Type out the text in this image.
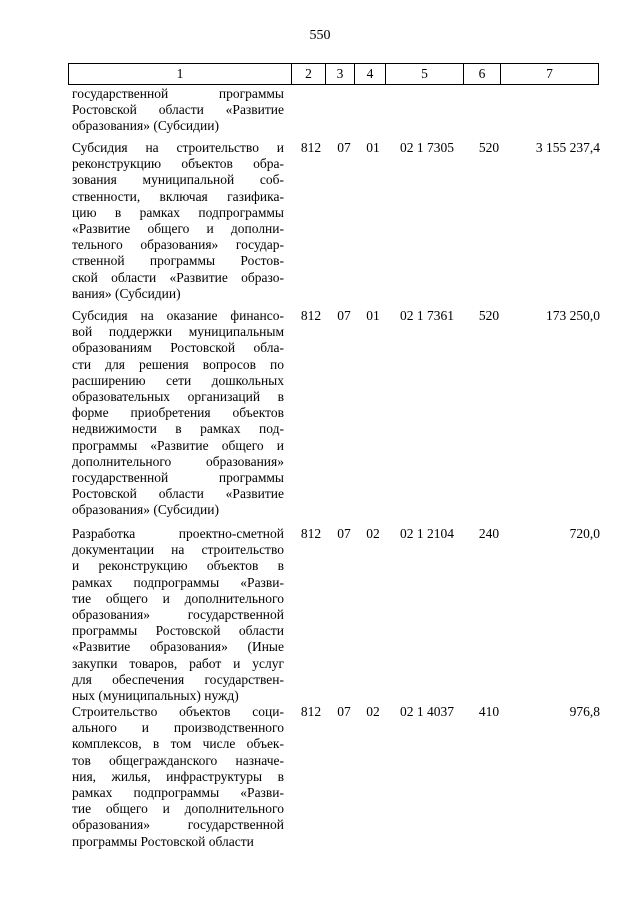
550
1	2	3	4	5	6	7
государственной программы
Ростовской области «Развитие
образования» (Субсидии)
Субсидия на строительство и
реконструкцию объектов обра-
зования муниципальной соб-
ственности, включая газифика-
цию в рамках подпрограммы
«Развитие общего и дополни-
тельного образования» государ-
ственной программы Ростов-
ской области «Развитие образо-
вания» (Субсидии)
812	07	01	02 1 7305	520	3 155 237,4
Субсидия на оказание финансо-
вой поддержки муниципальным
образованиям Ростовской обла-
сти для решения вопросов по
расширению сети дошкольных
образовательных организаций в
форме приобретения объектов
недвижимости в рамках под-
программы «Развитие общего и
дополнительного образования»
государственной программы
Ростовской области «Развитие
образования» (Субсидии)
812	07	01	02 1 7361	520	173 250,0
Разработка проектно-сметной
документации на строительство
и реконструкцию объектов в
рамках подпрограммы «Разви-
тие общего и дополнительного
образования» государственной
программы Ростовской области
«Развитие образования» (Иные
закупки товаров, работ и услуг
для обеспечения государствен-
ных (муниципальных) нужд)
812	07	02	02 1 2104	240	720,0
Строительство объектов соци-
ального и производственного
комплексов, в том числе объек-
тов общегражданского назначе-
ния, жилья, инфраструктуры в
рамках подпрограммы «Разви-
тие общего и дополнительного
образования» государственной
программы Ростовской области
812	07	02	02 1 4037	410	976,8
